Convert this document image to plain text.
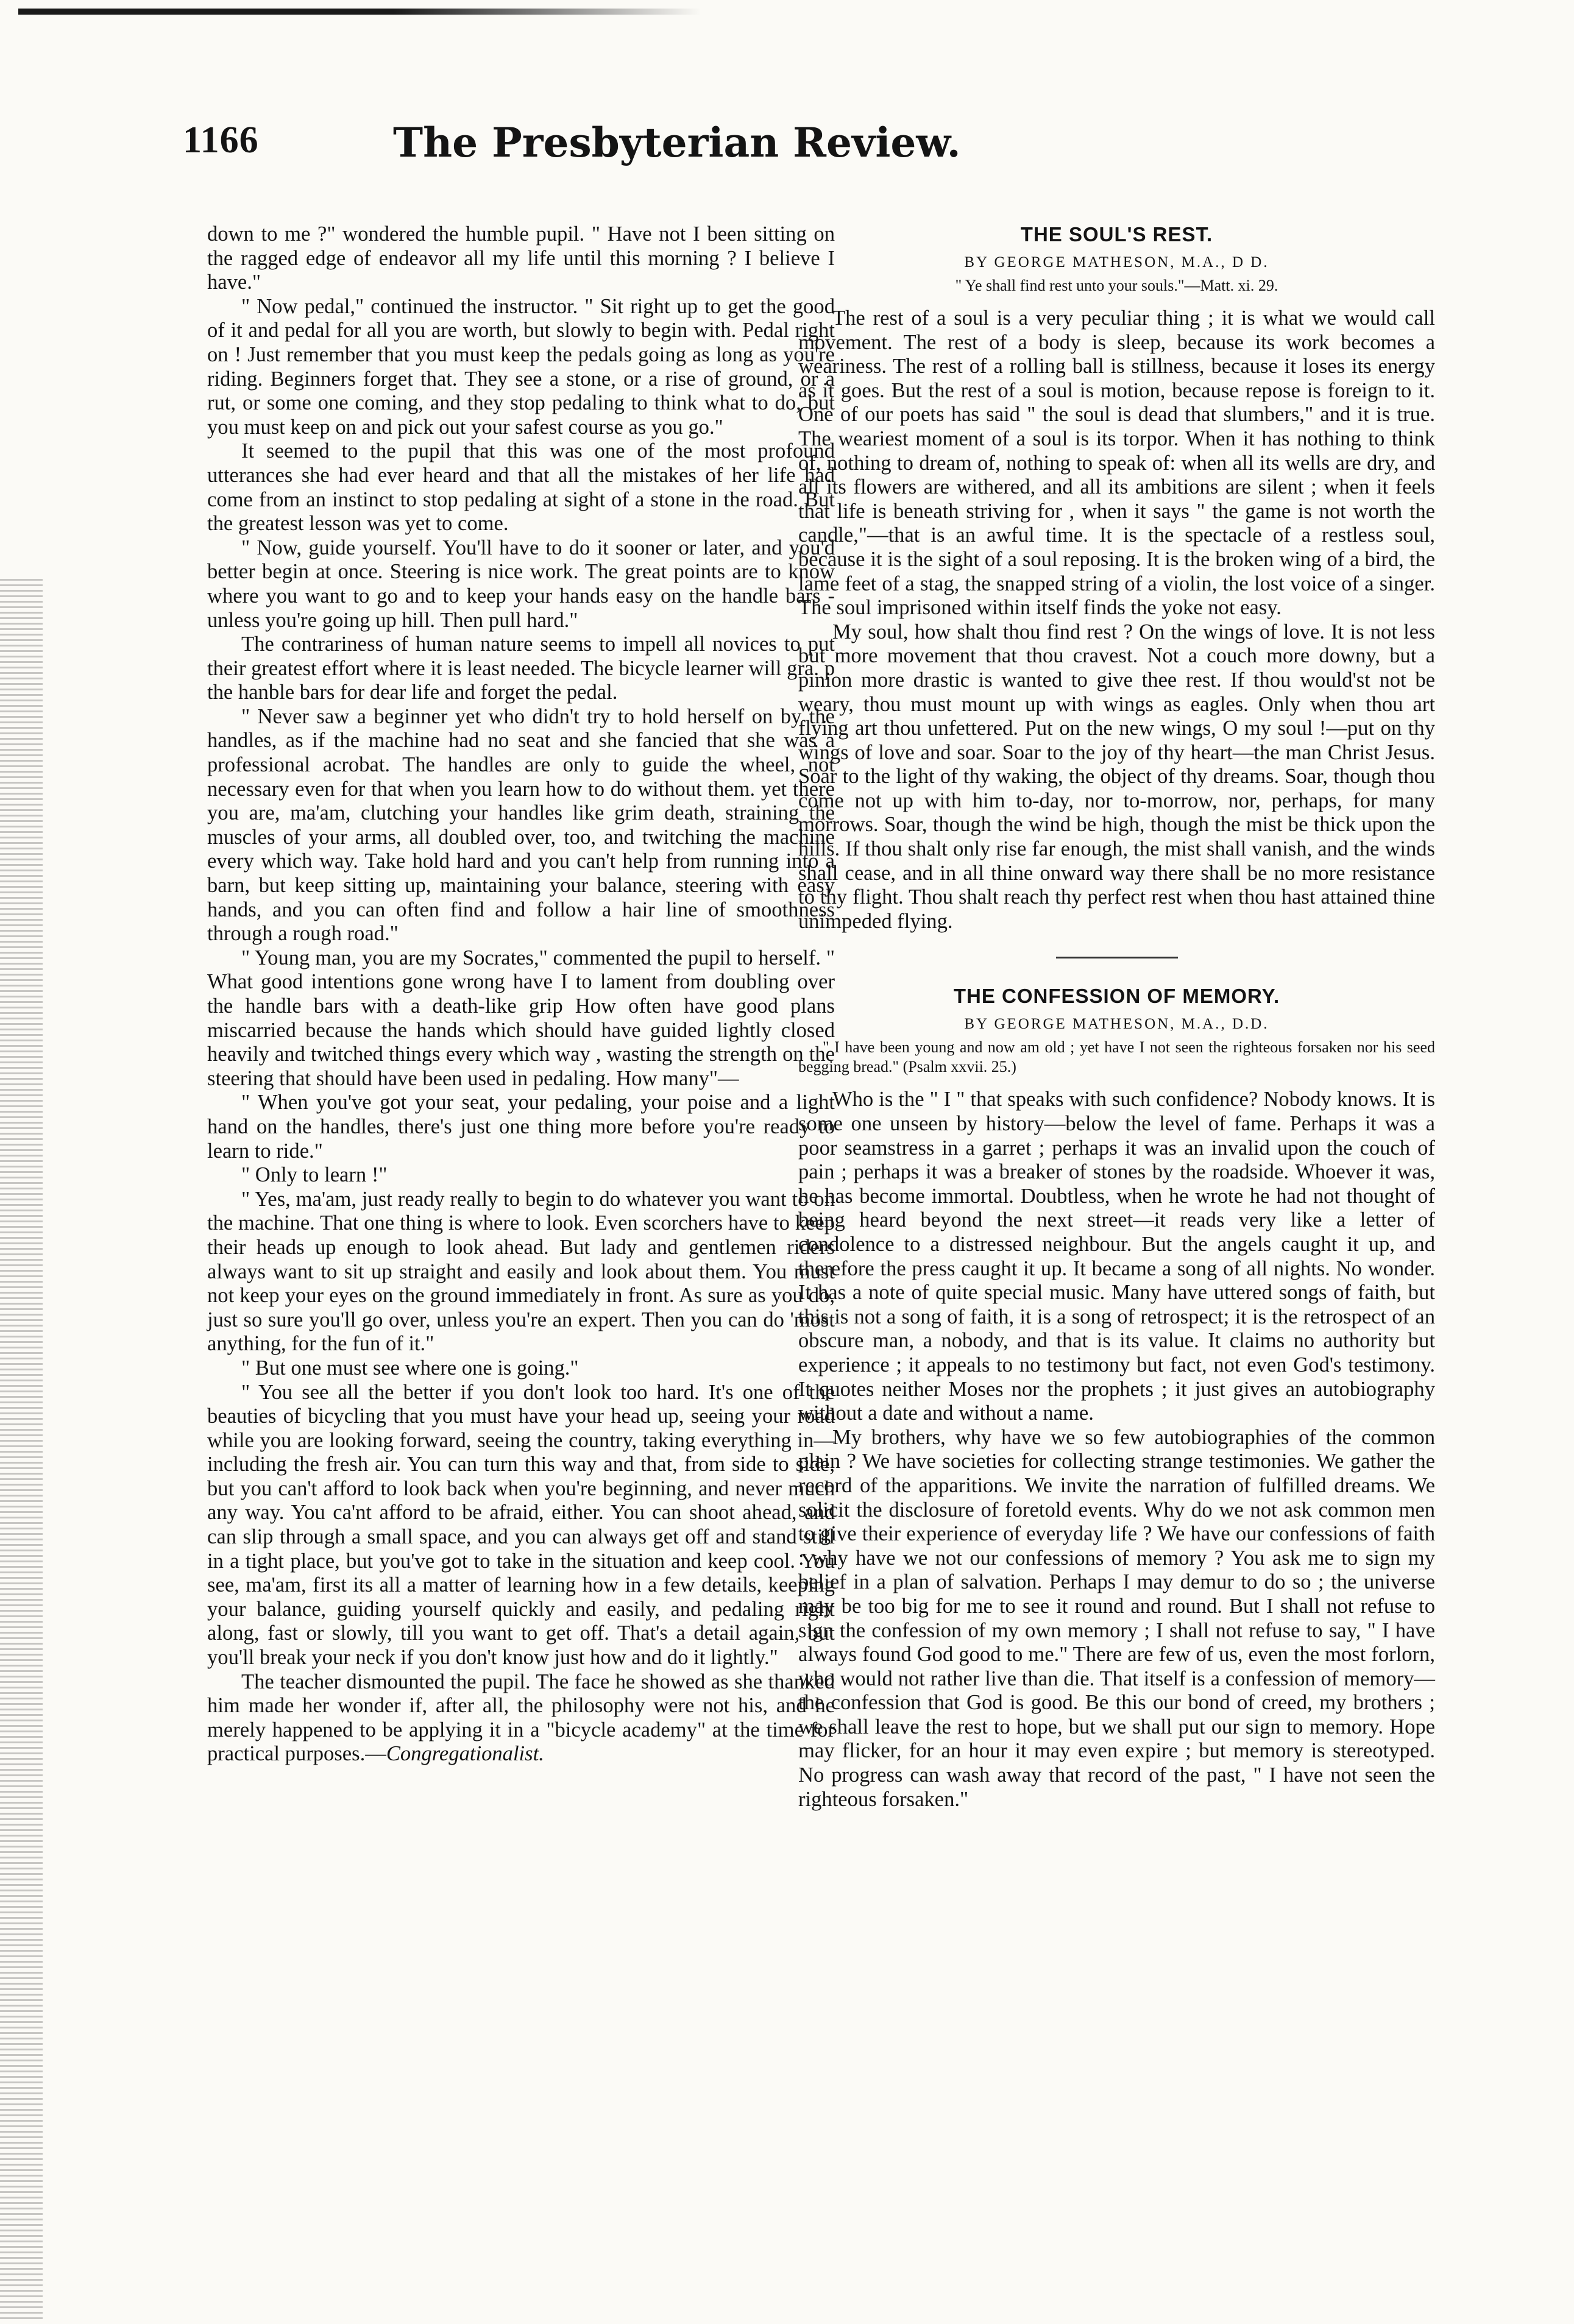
1166	The Presbyterian Review.

down to me ?" wondered the humble pupil. " Have not I been sitting on the ragged edge of endeavor all my life until this morning ? I believe I have."

" Now pedal," continued the instructor. " Sit right up to get the good of it and pedal for all you are worth, but slowly to begin with. Pedal right on ! Just remember that you must keep the pedals going as long as you're riding. Beginners forget that. They see a stone, or a rise of ground, or a rut, or some one coming, and they stop pedaling to think what to do, but you must keep on and pick out your safest course as you go."

It seemed to the pupil that this was one of the most profound utterances she had ever heard and that all the mistakes of her life had come from an instinct to stop pedaling at sight of a stone in the road. But the greatest lesson was yet to come.

" Now, guide yourself. You'll have to do it sooner or later, and you'd better begin at once. Steering is nice work. The great points are to know where you want to go and to keep your hands easy on the handle bars - unless you're going up hill. Then pull hard."

The contrariness of human nature seems to impell all novices to put their greatest effort where it is least needed. The bicycle learner will gra. p the hanble bars for dear life and forget the pedal.

" Never saw a beginner yet who didn't try to hold herself on by the handles, as if the machine had no seat and she fancied that she was a professional acrobat. The handles are only to guide the wheel, not necessary even for that when you learn how to do without them. yet there you are, ma'am, clutching your handles like grim death, straining the muscles of your arms, all doubled over, too, and twitching the machine every which way. Take hold hard and you can't help from running into a barn, but keep sitting up, maintaining your balance, steering with easy hands, and you can often find and follow a hair line of smoothness through a rough road."

" Young man, you are my Socrates," commented the pupil to herself. " What good intentions gone wrong have I to lament from doubling over the handle bars with a death-like grip How often have good plans miscarried because the hands which should have guided lightly closed heavily and twitched things every which way , wasting the strength on the steering that should have been used in pedaling. How many"—

" When you've got your seat, your pedaling, your poise and a light hand on the handles, there's just one thing more before you're ready to learn to ride."

" Only to learn !"

" Yes, ma'am, just ready really to begin to do whatever you want to on the machine. That one thing is where to look. Even scorchers have to keep their heads up enough to look ahead. But lady and gentlemen riders always want to sit up straight and easily and look about them. You must not keep your eyes on the ground immediately in front. As sure as you do, just so sure you'll go over, unless you're an expert. Then you can do 'most anything, for the fun of it."

" But one must see where one is going."

" You see all the better if you don't look too hard. It's one of the beauties of bicycling that you must have your head up, seeing your road while you are looking forward, seeing the country, taking everything in—including the fresh air. You can turn this way and that, from side to side, but you can't afford to look back when you're beginning, and never much any way. You ca'nt afford to be afraid, either. You can shoot ahead, and can slip through a small space, and you can always get off and stand still in a tight place, but you've got to take in the situation and keep cool. You see, ma'am, first its all a matter of learning how in a few details, keeping your balance, guiding yourself quickly and easily, and pedaling right along, fast or slowly, till you want to get off. That's a detail again, but you'll break your neck if you don't know just how and do it lightly."

The teacher dismounted the pupil. The face he showed as she thanked him made her wonder if, after all, the philosophy were not his, and he merely happened to be applying it in a "bicycle academy" at the time for practical purposes.—Congregationalist.

THE SOUL'S REST.
BY GEORGE MATHESON, M.A., D D.
" Ye shall find rest unto your souls."—Matt. xi. 29.

The rest of a soul is a very peculiar thing ; it is what we would call movement. The rest of a body is sleep, because its work becomes a weariness. The rest of a rolling ball is stillness, because it loses its energy as it goes. But the rest of a soul is motion, because repose is foreign to it. One of our poets has said " the soul is dead that slumbers," and it is true. The weariest moment of a soul is its torpor. When it has nothing to think of, nothing to dream of, nothing to speak of: when all its wells are dry, and all its flowers are withered, and all its ambitions are silent ; when it feels that life is beneath striving for , when it says " the game is not worth the candle,"—that is an awful time. It is the spectacle of a restless soul, because it is the sight of a soul reposing. It is the broken wing of a bird, the lame feet of a stag, the snapped string of a violin, the lost voice of a singer. The soul imprisoned within itself finds the yoke not easy.

My soul, how shalt thou find rest ? On the wings of love. It is not less but more movement that thou cravest. Not a couch more downy, but a pinion more drastic is wanted to give thee rest. If thou would'st not be weary, thou must mount up with wings as eagles. Only when thou art flying art thou unfettered. Put on the new wings, O my soul !—put on thy wings of love and soar. Soar to the joy of thy heart—the man Christ Jesus. Soar to the light of thy waking, the object of thy dreams. Soar, though thou come not up with him to-day, nor to-morrow, nor, perhaps, for many morrows. Soar, though the wind be high, though the mist be thick upon the hills. If thou shalt only rise far enough, the mist shall vanish, and the winds shall cease, and in all thine onward way there shall be no more resistance to thy flight. Thou shalt reach thy perfect rest when thou hast attained thine unimpeded flying.

THE CONFESSION OF MEMORY.
BY GEORGE MATHESON, M.A., D.D.
" I have been young and now am old ; yet have I not seen the righteous forsaken nor his seed begging bread." (Psalm xxvii. 25.)

Who is the " I " that speaks with such confidence? Nobody knows. It is some one unseen by history—below the level of fame. Perhaps it was a poor seamstress in a garret ; perhaps it was an invalid upon the couch of pain ; perhaps it was a breaker of stones by the roadside. Whoever it was, he has become immortal. Doubtless, when he wrote he had not thought of being heard beyond the next street—it reads very like a letter of condolence to a distressed neighbour. But the angels caught it up, and therefore the press caught it up. It became a song of all nights. No wonder. It has a note of quite special music. Many have uttered songs of faith, but this is not a song of faith, it is a song of retrospect; it is the retrospect of an obscure man, a nobody, and that is its value. It claims no authority but experience ; it appeals to no testimony but fact, not even God's testimony. It quotes neither Moses nor the prophets ; it just gives an autobiography without a date and without a name.

My brothers, why have we so few autobiographies of the common plain ? We have societies for collecting strange testimonies. We gather the record of the apparitions. We invite the narration of fulfilled dreams. We solicit the disclosure of foretold events. Why do we not ask common men to give their experience of everyday life ? We have our confessions of faith : why have we not our confessions of memory ? You ask me to sign my belief in a plan of salvation. Perhaps I may demur to do so ; the universe may be too big for me to see it round and round. But I shall not refuse to sign the confession of my own memory ; I shall not refuse to say, " I have always found God good to me." There are few of us, even the most forlorn, who would not rather live than die. That itself is a confession of memory—the confession that God is good. Be this our bond of creed, my brothers ; we shall leave the rest to hope, but we shall put our sign to memory. Hope may flicker, for an hour it may even expire ; but memory is stereotyped. No progress can wash away that record of the past, " I have not seen the righteous forsaken."
